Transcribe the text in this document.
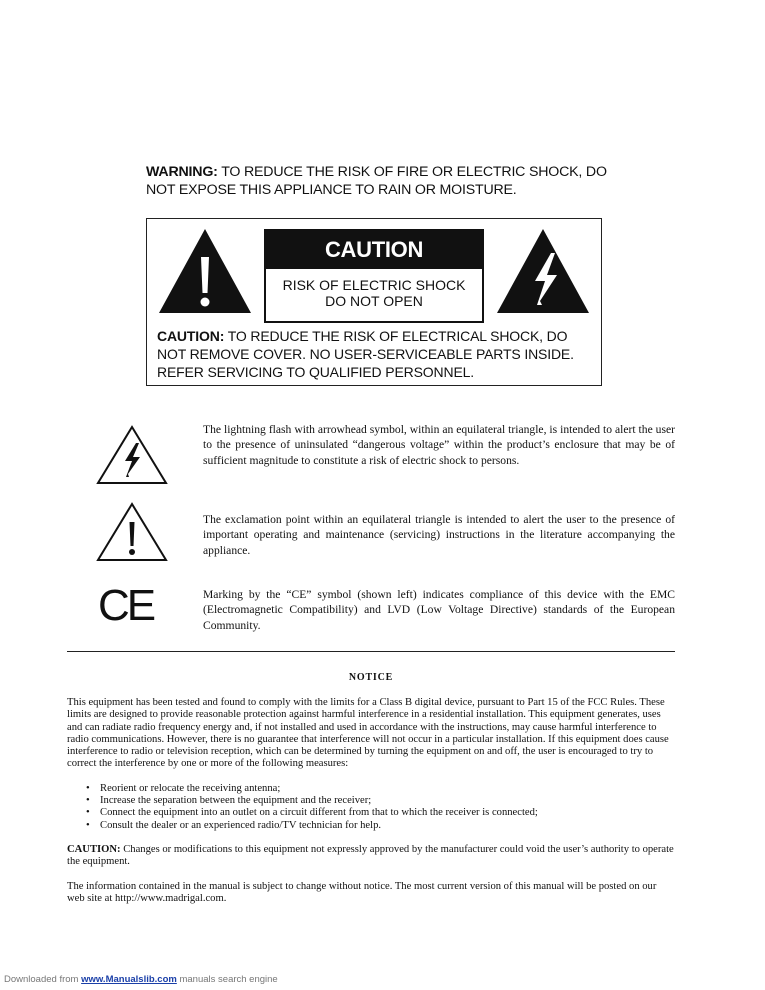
WARNING: TO REDUCE THE RISK OF FIRE OR ELECTRIC SHOCK, DO NOT EXPOSE THIS APPLIANCE TO RAIN OR MOISTURE.
CAUTION
RISK OF ELECTRIC SHOCK
DO NOT OPEN
CAUTION: TO REDUCE THE RISK OF ELECTRICAL SHOCK, DO NOT REMOVE COVER. NO USER-SERVICEABLE PARTS INSIDE. REFER SERVICING TO QUALIFIED PERSONNEL.
The lightning flash with arrowhead symbol, within an equilateral triangle, is intended to alert the user to the presence of uninsulated “dangerous voltage” within the product’s enclosure that may be of sufficient magnitude to constitute a risk of electric shock to persons.
The exclamation point within an equilateral triangle is intended to alert the user to the presence of important operating and maintenance (servicing) instructions in the literature accompanying the appliance.
CE	Marking by the “CE” symbol (shown left) indicates compliance of this device with the EMC (Electromagnetic Compatibility) and LVD (Low Voltage Directive) standards of the European Community.
NOTICE

This equipment has been tested and found to comply with the limits for a Class B digital device, pursuant to Part 15 of the FCC Rules. These limits are designed to provide reasonable protection against harmful interference in a residential installation. This equipment generates, uses and can radiate radio frequency energy and, if not installed and used in accordance with the instructions, may cause harmful interference to radio communications. However, there is no guarantee that interference will not occur in a particular installation. If this equipment does cause interference to radio or television reception, which can be determined by turning the equipment on and off, the user is encouraged to try to correct the interference by one or more of the following measures:

• Reorient or relocate the receiving antenna;
• Increase the separation between the equipment and the receiver;
• Connect the equipment into an outlet on a circuit different from that to which the receiver is connected;
• Consult the dealer or an experienced radio/TV technician for help.

CAUTION: Changes or modifications to this equipment not expressly approved by the manufacturer could void the user’s authority to operate the equipment.

The information contained in the manual is subject to change without notice. The most current version of this manual will be posted on our web site at http://www.madrigal.com.

Downloaded from www.Manualslib.com manuals search engine
